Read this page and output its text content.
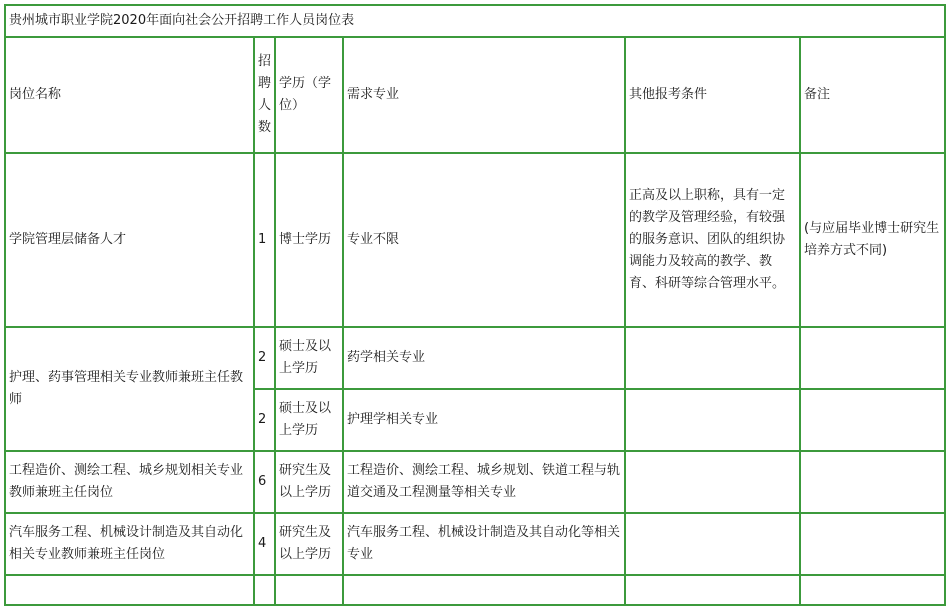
贵州城市职业学院2020年面向社会公开招聘工作人员岗位表					
岗位名称	招聘人数	学历（学位）	需求专业	其他报考条件	备注
学院管理层储备人才	1	博士学历	专业不限	正高及以上职称，具有一定的教学及管理经验，有较强的服务意识、团队的组织协调能力及较高的教学、教育、科研等综合管理水平。	(与应届毕业博士研究生培养方式不同)
护理、药事管理相关专业教师兼班主任教师	2	硕士及以上学历	药学相关专业		
	2	硕士及以上学历	护理学相关专业		
工程造价、测绘工程、城乡规划相关专业教师兼班主任岗位	6	研究生及以上学历	工程造价、测绘工程、城乡规划、铁道工程与轨道交通及工程测量等相关专业		
汽车服务工程、机械设计制造及其自动化相关专业教师兼班主任岗位	4	研究生及以上学历	汽车服务工程、机械设计制造及其自动化等相关专业		
